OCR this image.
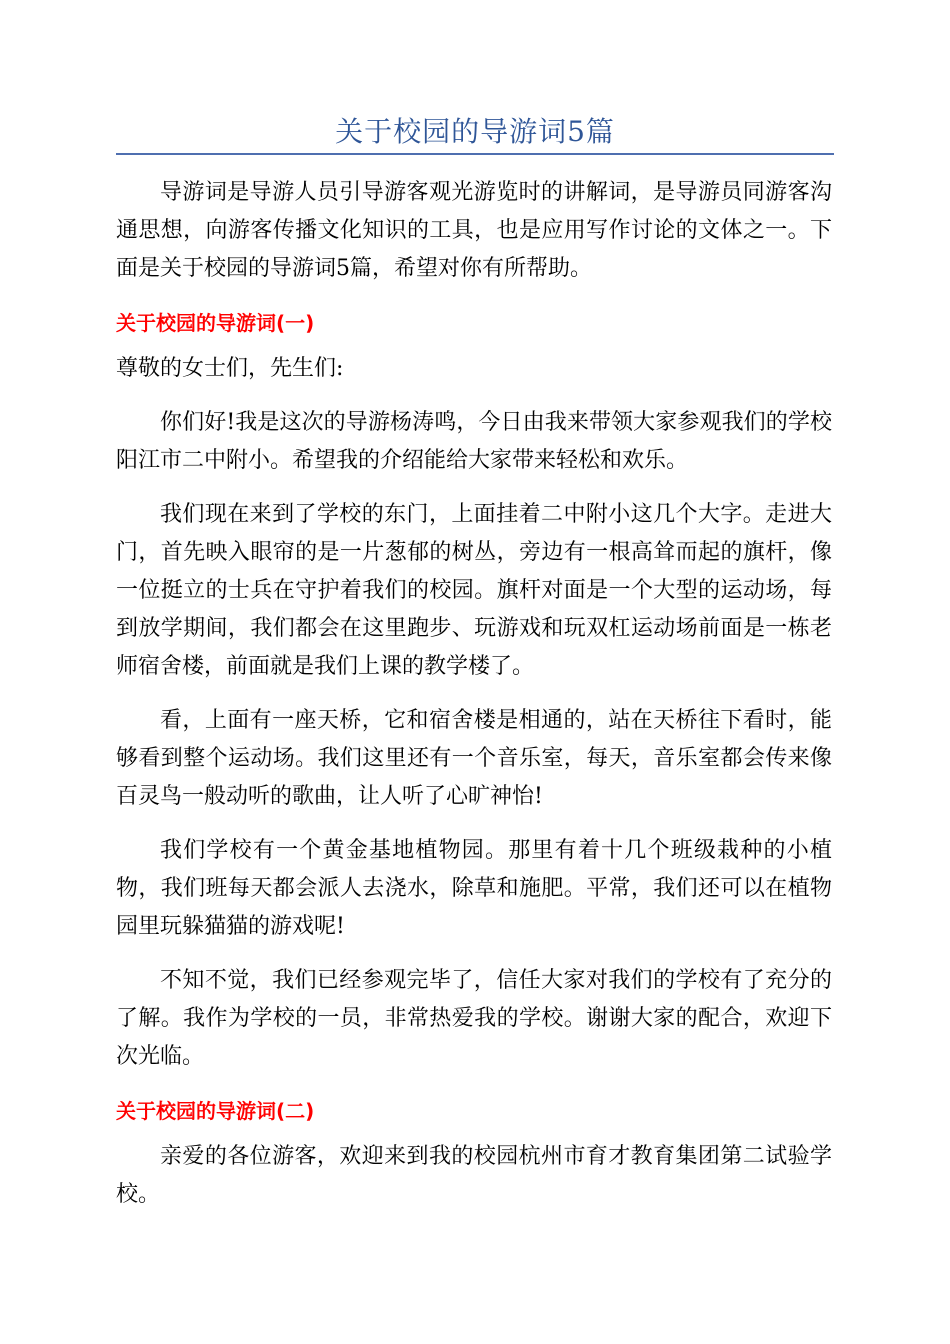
关于校园的导游词5篇

导游词是导游人员引导游客观光游览时的讲解词，是导游员同游客沟通思想，向游客传播文化知识的工具，也是应用写作讨论的文体之一。下面是关于校园的导游词5篇，希望对你有所帮助。

关于校园的导游词(一)

尊敬的女士们，先生们:

你们好!我是这次的导游杨涛鸣，今日由我来带领大家参观我们的学校阳江市二中附小。希望我的介绍能给大家带来轻松和欢乐。

我们现在来到了学校的东门，上面挂着二中附小这几个大字。走进大门，首先映入眼帘的是一片葱郁的树丛，旁边有一根高耸而起的旗杆，像一位挺立的士兵在守护着我们的校园。旗杆对面是一个大型的运动场，每到放学期间，我们都会在这里跑步、玩游戏和玩双杠运动场前面是一栋老师宿舍楼，前面就是我们上课的教学楼了。

看，上面有一座天桥，它和宿舍楼是相通的，站在天桥往下看时，能够看到整个运动场。我们这里还有一个音乐室，每天，音乐室都会传来像百灵鸟一般动听的歌曲，让人听了心旷神怡!

我们学校有一个黄金基地植物园。那里有着十几个班级栽种的小植物，我们班每天都会派人去浇水，除草和施肥。平常，我们还可以在植物园里玩躲猫猫的游戏呢!

不知不觉，我们已经参观完毕了，信任大家对我们的学校有了充分的了解。我作为学校的一员，非常热爱我的学校。谢谢大家的配合，欢迎下次光临。

关于校园的导游词(二)

亲爱的各位游客，欢迎来到我的校园杭州市育才教育集团第二试验学校。
